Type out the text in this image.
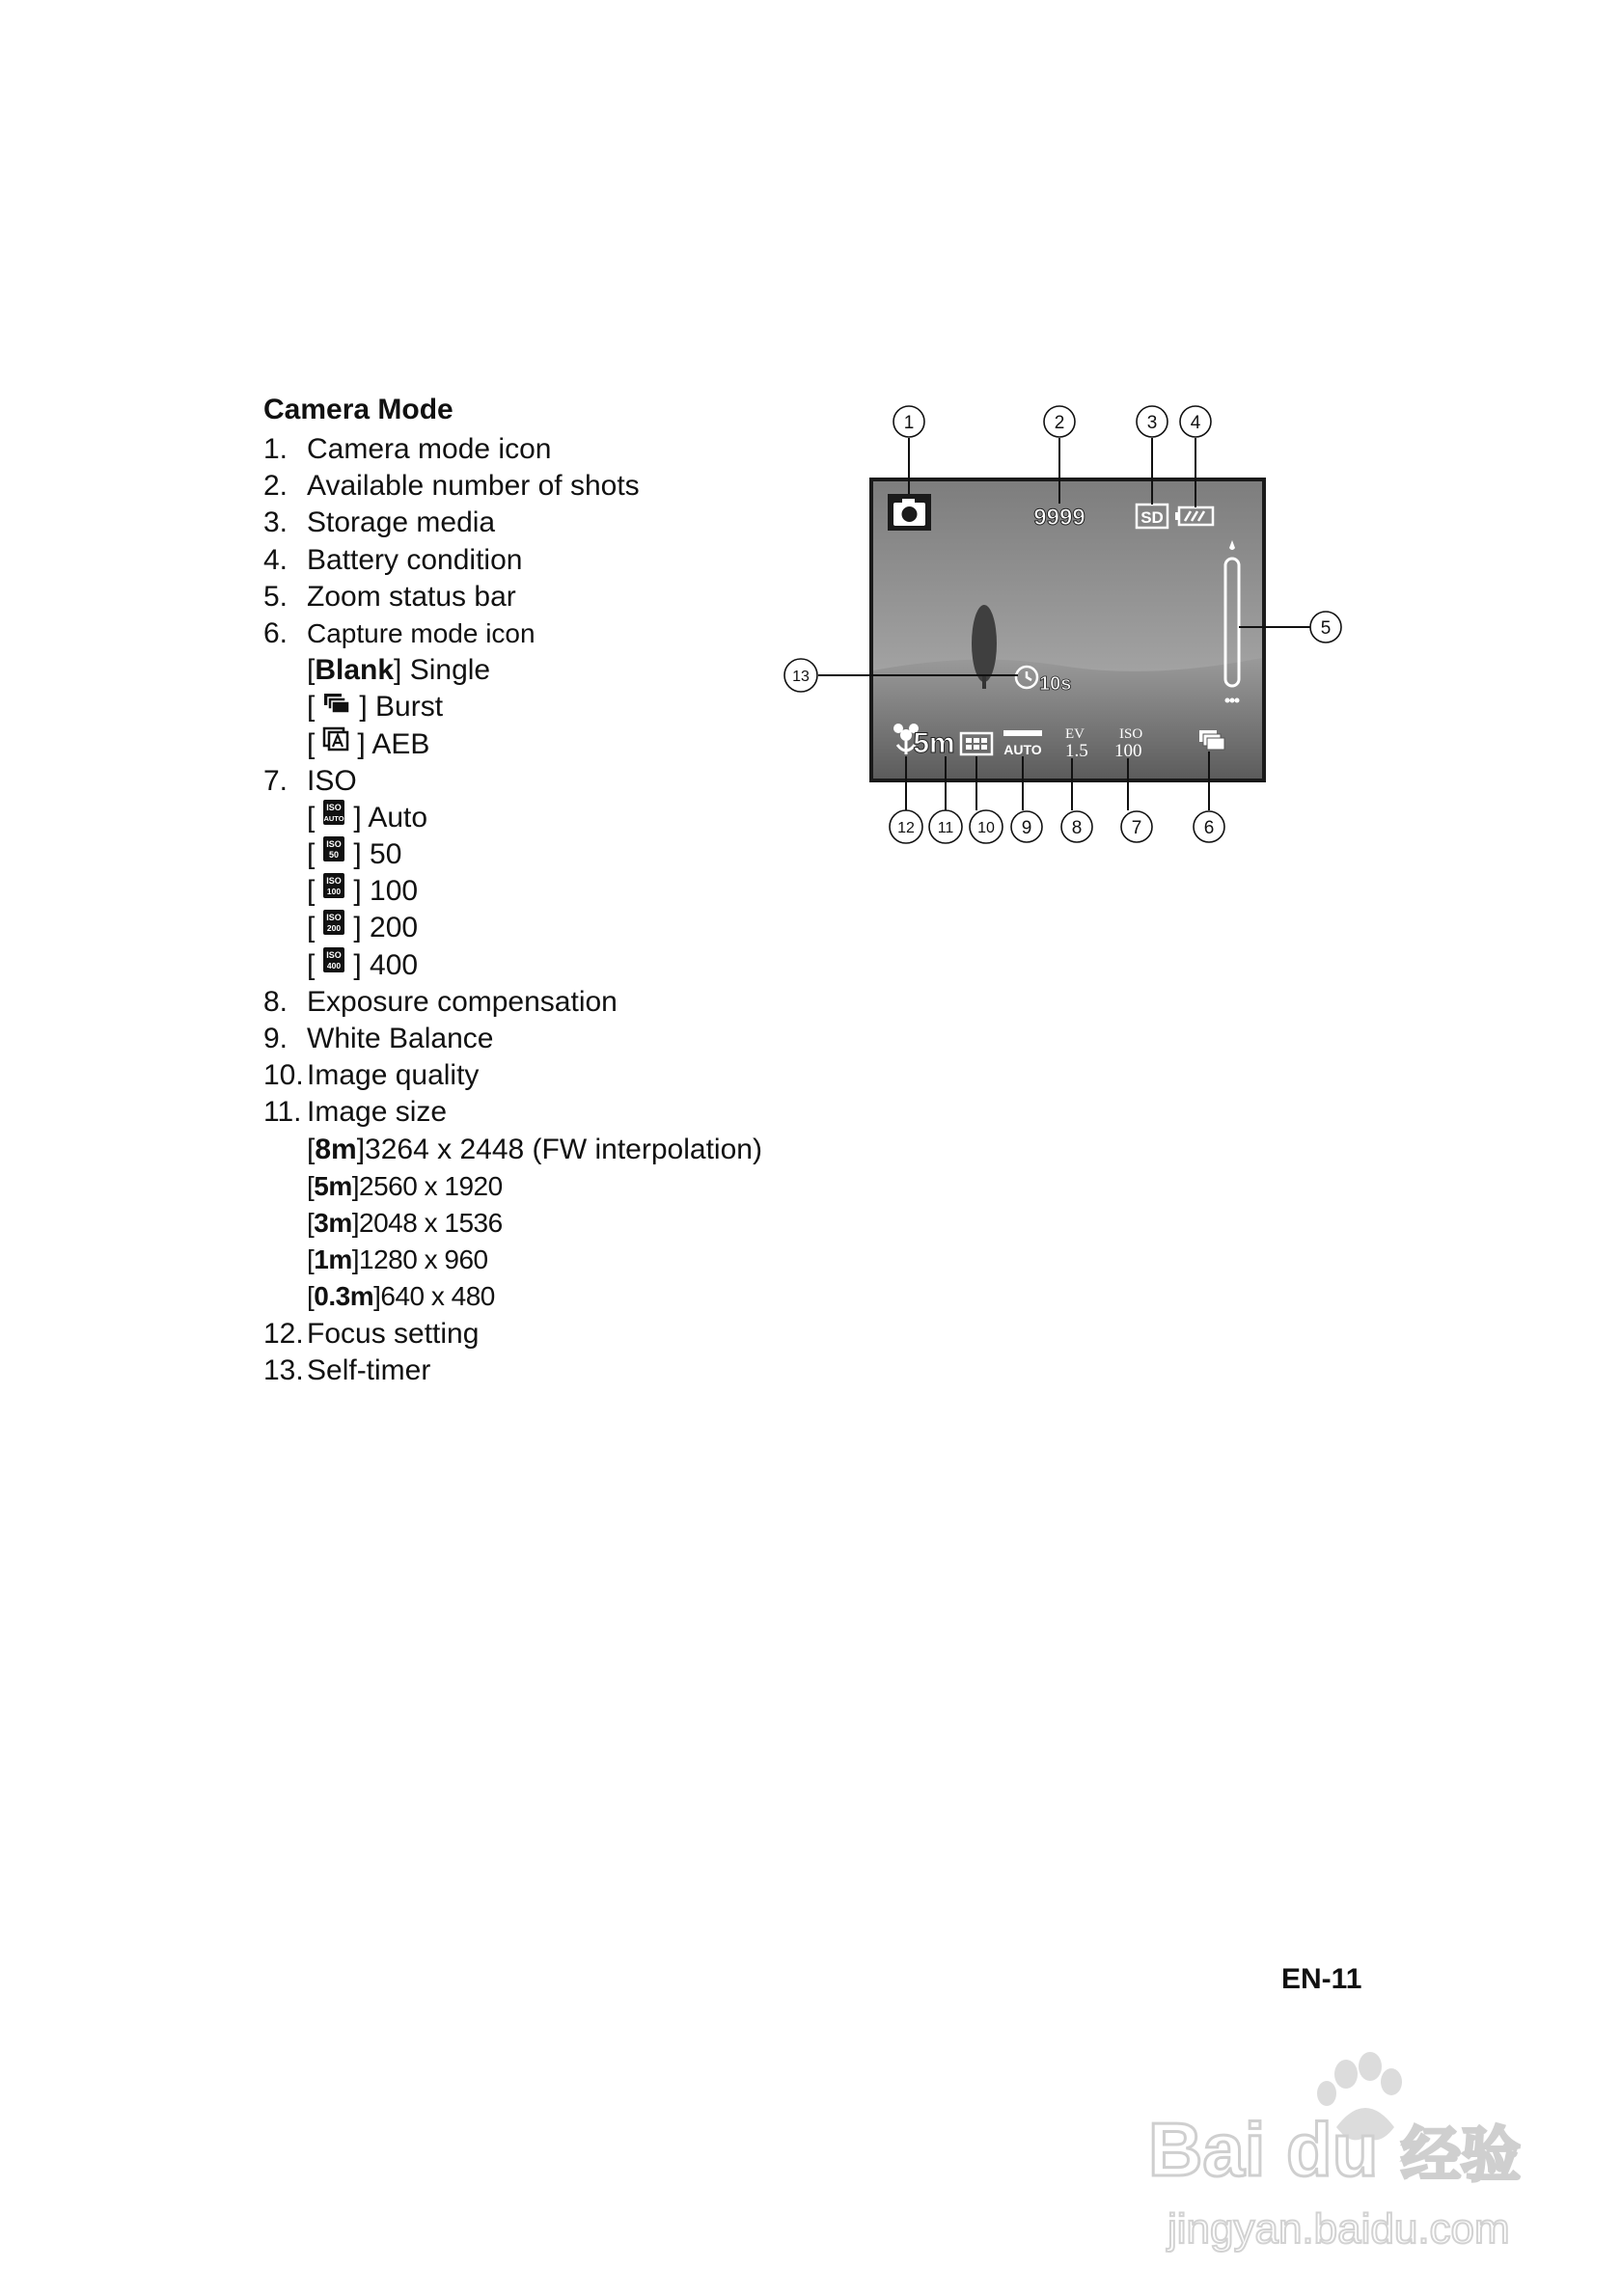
Camera Mode
1. Camera mode icon
2. Available number of shots
3. Storage media
4. Battery condition
5. Zoom status bar
6. Capture mode icon
[Blank] Single
[ ] Burst
[ ] AEB
7. ISO
[ ISO
AUTO ] Auto
[ ISO
50 ] 50
[ ISO
100 ] 100
[ ISO
200 ] 200
[ ISO
400 ] 400
8. Exposure compensation
9. White Balance
10. Image quality
11. Image size
[8m]3264 x 2448 (FW interpolation)
[5m]2560 x 1920
[3m]2048 x 1536
[1m]1280 x 960
[0.3m]640 x 480
12. Focus setting
13. Self-timer
9999	SD
10s
5m	AUTO
EV
1.5
ISO
100
1	2	3 4
5
13
12 11 10 9 8	7	6
EN-11
Bai du 经验
jingyan.baidu.com
